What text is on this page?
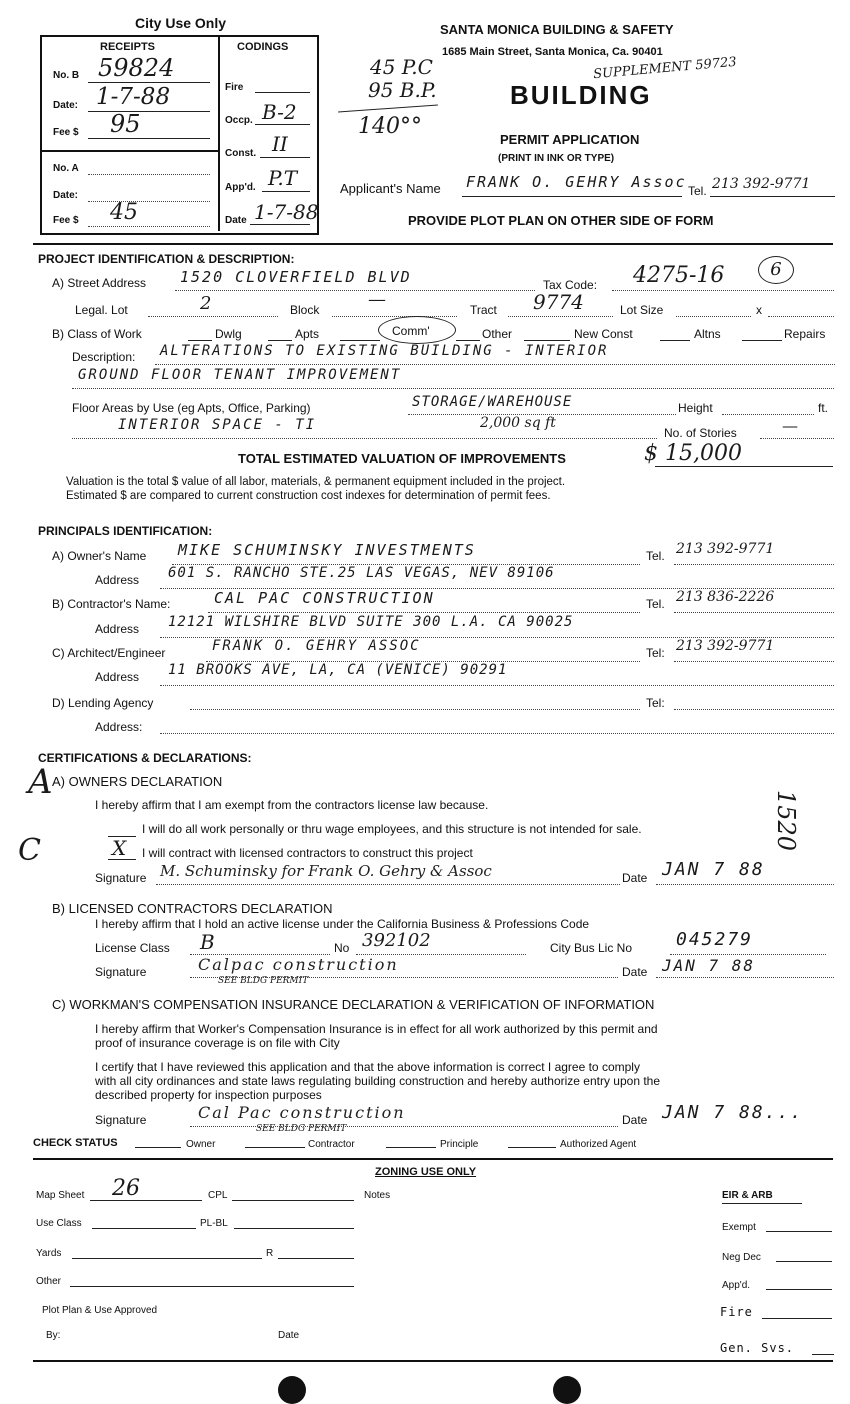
City Use Only
RECEIPTS	CODINGS
No. B 59824
Date: 1-7-88
Fee $ 95
No. A
Date:
Fee $ 45
Fire
Occp. B-2
Const. II
App'd. P.T
Date 1-7-88
45 P.C
95 B.P.
140°°
SANTA MONICA BUILDING & SAFETY
1685 Main Street, Santa Monica, Ca. 90401
SUPPLEMENT 59723
BUILDING
PERMIT APPLICATION
(PRINT IN INK OR TYPE)
Applicant's Name FRANK O. GEHRY Assoc Tel. 213 392-9771
PROVIDE PLOT PLAN ON OTHER SIDE OF FORM
PROJECT IDENTIFICATION & DESCRIPTION:
A) Street Address 1520 CLOVERFIELD BLVD	Tax Code: 4275-16	6
Legal. Lot	2	Block	—	Tract 9774	Lot Size	x
B) Class of Work	Dwlg	Apts	Comm'	Other	New Const	Altns	Repairs
Description: ALTERATIONS TO EXISTING BUILDING - INTERIOR
GROUND FLOOR TENANT IMPROVEMENT
Floor Areas by Use (eg Apts, Office, Parking)	STORAGE/WAREHOUSE	Height	ft.
INTERIOR SPACE - TI	2,000 sq ft
No. of Stories	—
TOTAL ESTIMATED VALUATION OF IMPROVEMENTS	$ 15,000
Valuation is the total $ value of all labor, materials, & permanent equipment included in the project.
Estimated $ are compared to current construction cost indexes for determination of permit fees.
PRINCIPALS IDENTIFICATION:
A) Owner's Name MIKE SCHUMINSKY INVESTMENTS	Tel. 213 392-9771
Address 601 S. RANCHO STE.25 LAS VEGAS, NEV 89106
B) Contractor's Name:	CAL PAC CONSTRUCTION	Tel. 213 836-2226
Address 12121 WILSHIRE BLVD SUITE 300 L.A. CA 90025
C) Architect/Engineer	FRANK O. GEHRY ASSOC	Tel: 213 392-9771
Address 11 BROOKS AVE, LA, CA (VENICE) 90291
D) Lending Agency	Tel:
Address:
CERTIFICATIONS & DECLARATIONS:
A
C	1520
A) OWNERS DECLARATION
I hereby affirm that I am exempt from the contractors license law because.
I will do all work personally or thru wage employees, and this structure is not intended for sale.
X I will contract with licensed contractors to construct this project
Signature M. Schuminsky for Frank O. Gehry & Assoc	Date JAN 7 88
B) LICENSED CONTRACTORS DECLARATION
I hereby affirm that I hold an active license under the California Business & Professions Code
License Class B	No 392102	City Bus Lic No 045279
Signature	Calpac construction
SEE BLDG PERMIT
Date JAN 7 88
C) WORKMAN'S COMPENSATION INSURANCE DECLARATION & VERIFICATION OF INFORMATION
I hereby affirm that Worker's Compensation Insurance is in effect for all work authorized by this permit and
proof of insurance coverage is on file with City
I certify that I have reviewed this application and that the above information is correct I agree to comply
with all city ordinances and state laws regulating building construction and hereby authorize entry upon the
described property for inspection purposes
Signature	Cal Pac construction
SEE BLDG PERMIT
Date JAN 7 88...
CHECK STATUS	Owner	Contractor	Principle	Authorized Agent
ZONING USE ONLY
Map Sheet 26	CPL	Notes
Use Class	PL-BL
Yards	R
Other
Plot Plan & Use Approved
By:	Date
EIR & ARB
Exempt
Neg Dec
App'd.
Fire
Gen. Svs.
